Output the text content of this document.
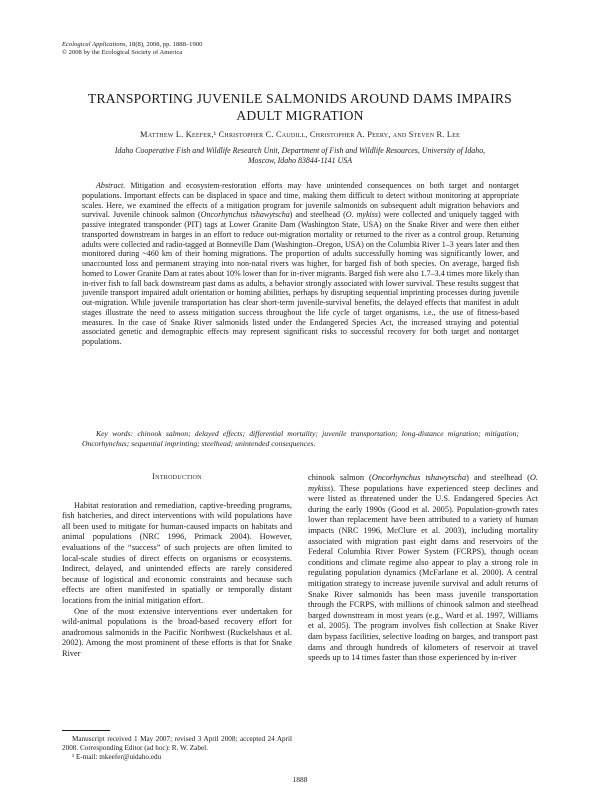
Ecological Applications, 18(8), 2008, pp. 1888–1900
© 2008 by the Ecological Society of America
TRANSPORTING JUVENILE SALMONIDS AROUND DAMS IMPAIRS
ADULT MIGRATION
Matthew L. Keefer,¹ Christopher C. Caudill, Christopher A. Peery, and Steven R. Lee
Idaho Cooperative Fish and Wildlife Research Unit, Department of Fish and Wildlife Resources, University of Idaho,
Moscow, Idaho 83844-1141 USA

Abstract. Mitigation and ecosystem-restoration efforts may have unintended consequences on both target and nontarget populations. Important effects can be displaced in space and time, making them difficult to detect without monitoring at appropriate scales. Here, we examined the effects of a mitigation program for juvenile salmonids on subsequent adult migration behaviors and survival. Juvenile chinook salmon (Oncorhynchus tshawytscha) and steelhead (O. mykiss) were collected and uniquely tagged with passive integrated transponder (PIT) tags at Lower Granite Dam (Washington State, USA) on the Snake River and were then either transported downstream in barges in an effort to reduce out-migration mortality or returned to the river as a control group. Returning adults were collected and radio-tagged at Bonneville Dam (Washington–Oregon, USA) on the Columbia River 1–3 years later and then monitored during ~460 km of their homing migrations. The proportion of adults successfully homing was significantly lower, and unaccounted loss and permanent straying into non-natal rivers was higher, for barged fish of both species. On average, barged fish homed to Lower Granite Dam at rates about 10% lower than for in-river migrants. Barged fish were also 1.7–3.4 times more likely than in-river fish to fall back downstream past dams as adults, a behavior strongly associated with lower survival. These results suggest that juvenile transport impaired adult orientation or homing abilities, perhaps by disrupting sequential imprinting processes during juvenile out-migration. While juvenile transportation has clear short-term juvenile-survival benefits, the delayed effects that manifest in adult stages illustrate the need to assess mitigation success throughout the life cycle of target organisms, i.e., the use of fitness-based measures. In the case of Snake River salmonids listed under the Endangered Species Act, the increased straying and potential associated genetic and demographic effects may represent significant risks to successful recovery for both target and nontarget populations.

Key words: chinook salmon; delayed effects; differential mortality; juvenile transportation; long-distance migration; mitigation; Oncorhynchus; sequential imprinting; steelhead; unintended consequences.

Introduction

Habitat restoration and remediation, captive-breeding programs, fish hatcheries, and direct interventions with wild populations have all been used to mitigate for human-caused impacts on habitats and animal populations (NRC 1996, Primack 2004). However, evaluations of the “success” of such projects are often limited to local-scale studies of direct effects on organisms or ecosystems. Indirect, delayed, and unintended effects are rarely considered because of logistical and economic constraints and because such effects are often manifested in spatially or temporally distant locations from the initial mitigation effort.

One of the most extensive interventions ever undertaken for wild-animal populations is the broad-based recovery effort for anadromous salmonids in the Pacific Northwest (Ruckelshaus et al. 2002). Among the most prominent of these efforts is that for Snake River

chinook salmon (Oncorhynchus tshawytscha) and steelhead (O. mykiss). These populations have experienced steep declines and were listed as threatened under the U.S. Endangered Species Act during the early 1990s (Good et al. 2005). Population-growth rates lower than replacement have been attributed to a variety of human impacts (NRC 1996, McClure et al. 2003), including mortality associated with migration past eight dams and reservoirs of the Federal Columbia River Power System (FCRPS), though ocean conditions and climate regime also appear to play a strong role in regulating population dynamics (McFarlane et al. 2000). A central mitigation strategy to increase juvenile survival and adult returns of Snake River salmonids has been mass juvenile transportation through the FCRPS, with millions of chinook salmon and steelhead barged downstream in most years (e.g., Ward et al. 1997, Williams et al. 2005). The program involves fish collection at Snake River dam bypass facilities, selective loading on barges, and transport past dams and through hundreds of kilometers of reservoir at travel speeds up to 14 times faster than those experienced by in-river

Manuscript received 1 May 2007; revised 3 April 2008; accepted 24 April 2008. Corresponding Editor (ad hoc): R. W. Zabel.

¹ E-mail: mkeefer@uidaho.edu

1888
